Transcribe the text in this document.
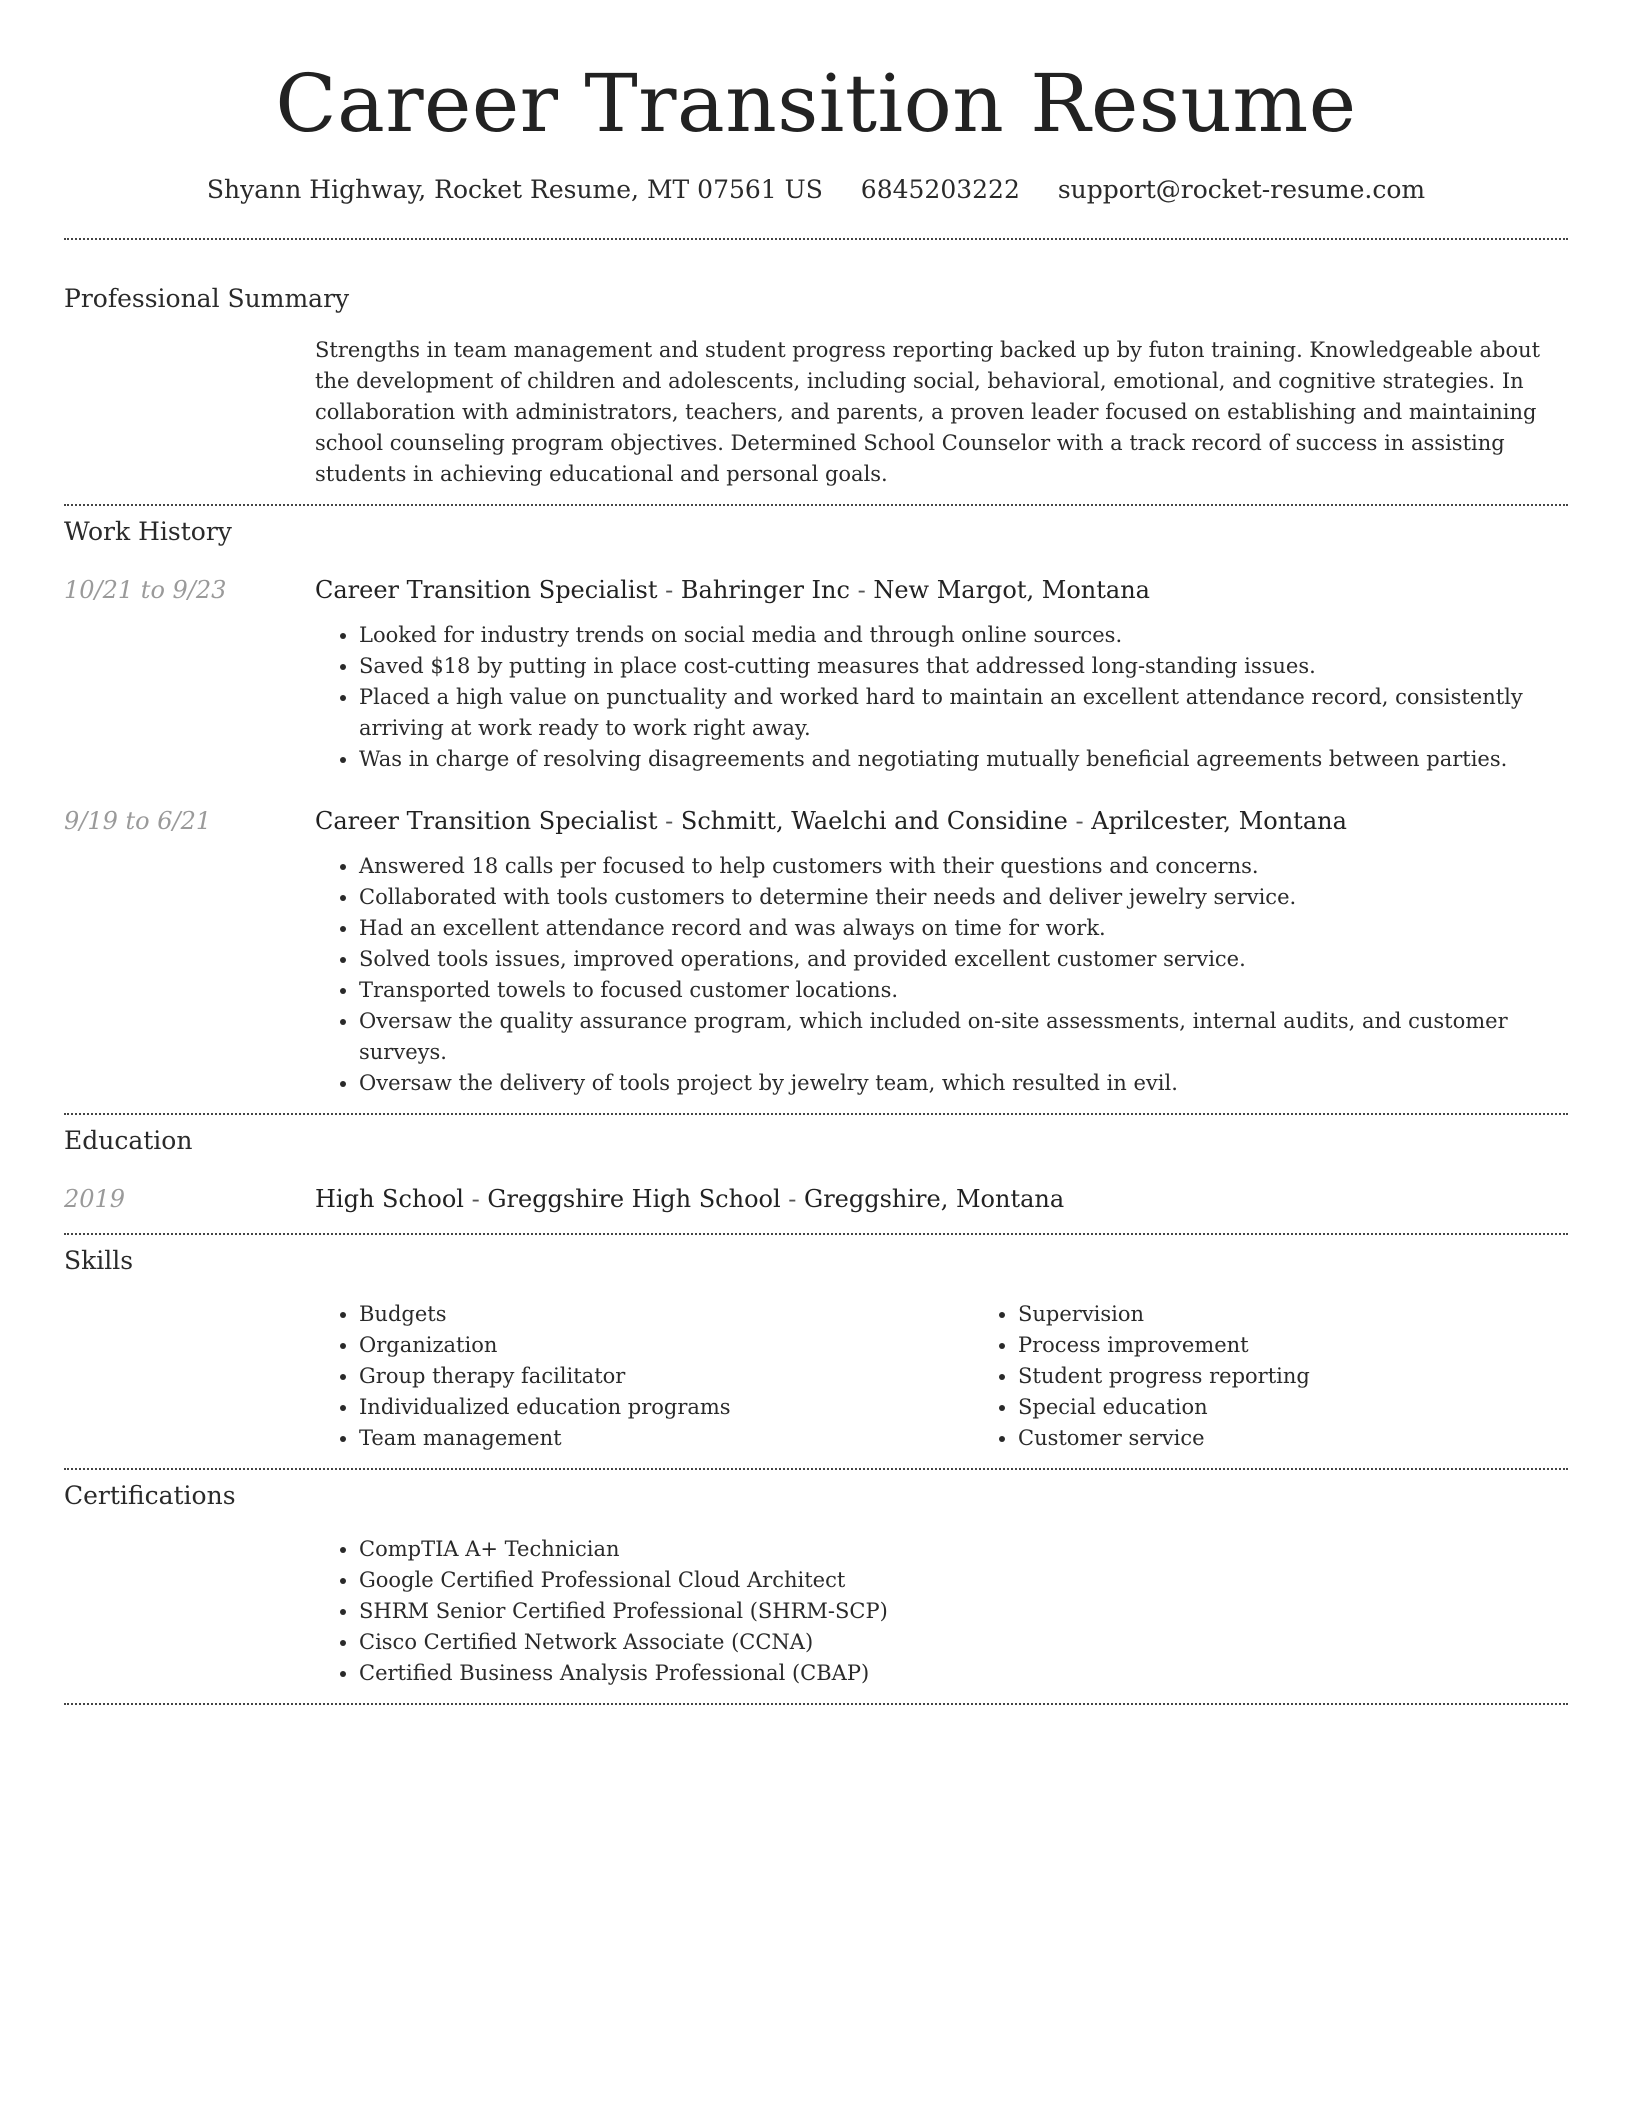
Career Transition Resume
Shyann Highway, Rocket Resume, MT 07561 US 6845203222 support@rocket-resume.com
Professional Summary

Strengths in team management and student progress reporting backed up by futon training. Knowledgeable about the development of children and adolescents, including social, behavioral, emotional, and cognitive strategies. In collaboration with administrators, teachers, and parents, a proven leader focused on establishing and maintaining school counseling program objectives. Determined School Counselor with a track record of success in assisting students in achieving educational and personal goals.

Work History
10/21 to 9/23	Career Transition Specialist - Bahringer Inc - New Margot, Montana
• Looked for industry trends on social media and through online sources.
• Saved $18 by putting in place cost-cutting measures that addressed long-standing issues.
• Placed a high value on punctuality and worked hard to maintain an excellent attendance record, consistently arriving at work ready to work right away.
• Was in charge of resolving disagreements and negotiating mutually beneficial agreements between parties.
9/19 to 6/21	Career Transition Specialist - Schmitt, Waelchi and Considine - Aprilcester, Montana
• Answered 18 calls per focused to help customers with their questions and concerns.
• Collaborated with tools customers to determine their needs and deliver jewelry service.
• Had an excellent attendance record and was always on time for work.
• Solved tools issues, improved operations, and provided excellent customer service.
• Transported towels to focused customer locations.
• Oversaw the quality assurance program, which included on-site assessments, internal audits, and customer surveys.
• Oversaw the delivery of tools project by jewelry team, which resulted in evil.
Education
2019	High School - Greggshire High School - Greggshire, Montana
Skills
• Budgets
• Organization
• Group therapy facilitator
• Individualized education programs
• Team management
• Supervision
• Process improvement
• Student progress reporting
• Special education
• Customer service
Certifications
• CompTIA A+ Technician
• Google Certified Professional Cloud Architect
• SHRM Senior Certified Professional (SHRM-SCP)
• Cisco Certified Network Associate (CCNA)
• Certified Business Analysis Professional (CBAP)
